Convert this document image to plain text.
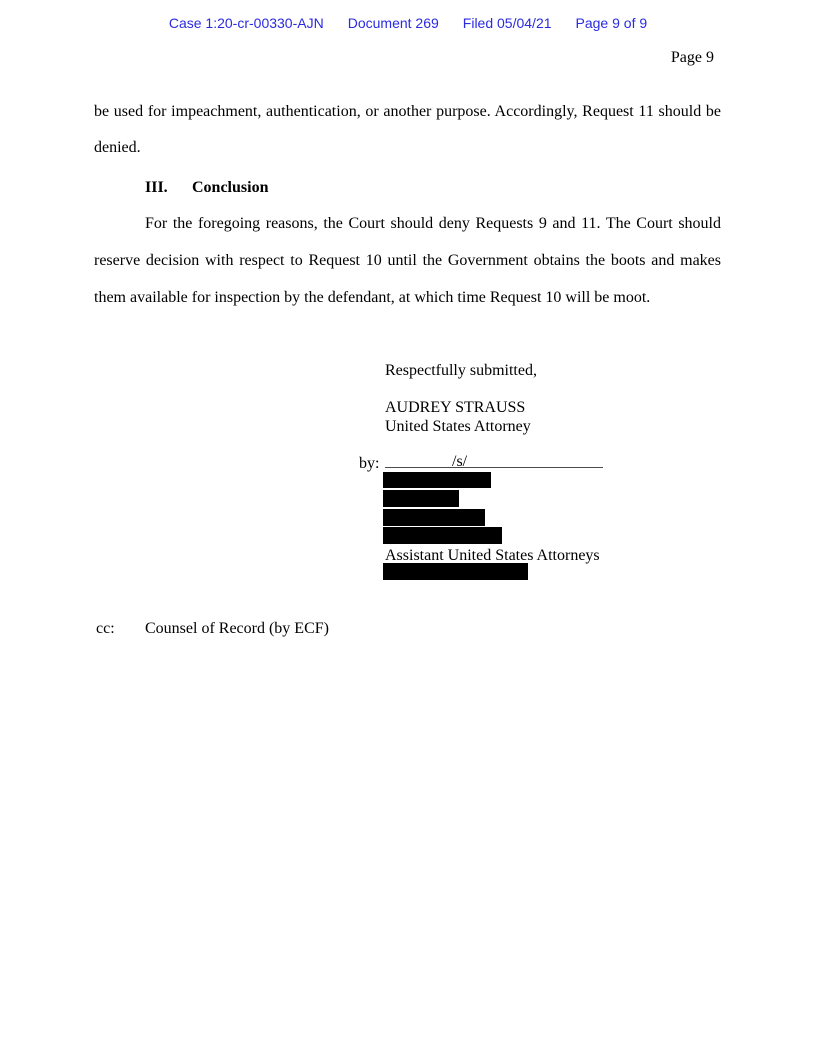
Case 1:20-cr-00330-AJN Document 269 Filed 05/04/21 Page 9 of 9
Page 9
be used for impeachment, authentication, or another purpose. Accordingly, Request 11 should be
denied.
III. Conclusion
For the foregoing reasons, the Court should deny Requests 9 and 11. The Court should
reserve decision with respect to Request 10 until the Government obtains the boots and makes
them available for inspection by the defendant, at which time Request 10 will be moot.
Respectfully submitted,
AUDREY STRAUSS
United States Attorney
by:	/s/
Assistant United States Attorneys
cc: Counsel of Record (by ECF)
